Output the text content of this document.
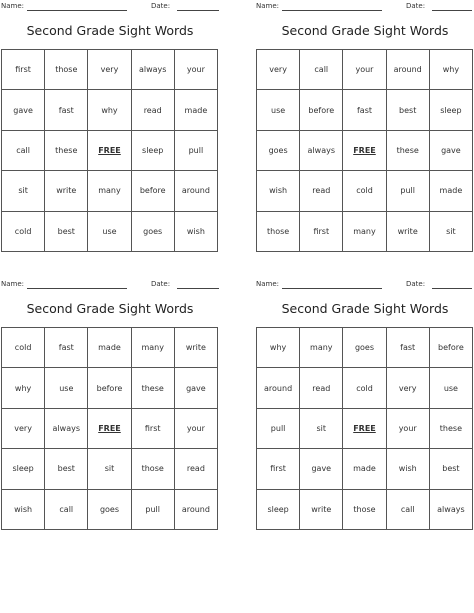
Name:	Date:
Second Grade Sight Words
first	those	very	always	your
gave	fast	why	read	made
call	these	FREE	sleep	pull
sit	write	many	before	around
cold	best	use	goes	wish
Name:	Date:
Second Grade Sight Words
very	call	your	around	why
use	before	fast	best	sleep
goes	always	FREE	these	gave
wish	read	cold	pull	made
those	first	many	write	sit
Name:	Date:
Second Grade Sight Words
cold	fast	made	many	write
why	use	before	these	gave
very	always	FREE	first	your
sleep	best	sit	those	read
wish	call	goes	pull	around
Name:	Date:
Second Grade Sight Words
why	many	goes	fast	before
around	read	cold	very	use
pull	sit	FREE	your	these
first	gave	made	wish	best
sleep	write	those	call	always
